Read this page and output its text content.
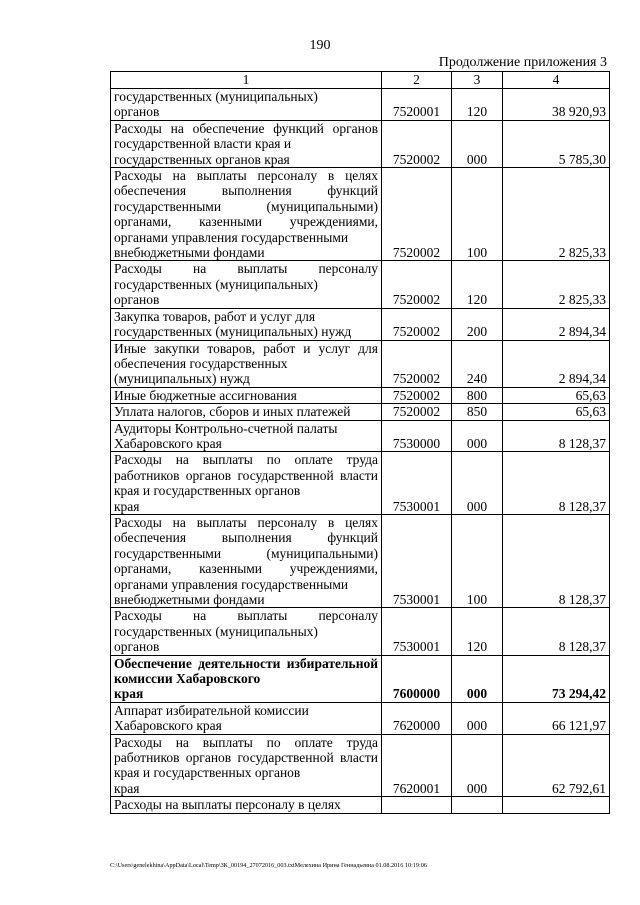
190
Продолжение приложения 3
1	2	3	4
государственных (муниципальных)
органов	7520001	120	38 920,93
Расходы на обеспечение функций органов государственной власти края и
государственных органов края	7520002	000	5 785,30
Расходы на выплаты персоналу в целях обеспечения выполнения функций государственными (муниципальными) органами, казенными учреждениями, органами управления государственными
внебюджетными фондами	7520002	100	2 825,33
Расходы на выплаты персоналу государственных (муниципальных)
органов	7520002	120	2 825,33
Закупка товаров, работ и услуг для
государственных (муниципальных) нужд	7520002	200	2 894,34
Иные закупки товаров, работ и услуг для обеспечения государственных
(муниципальных) нужд	7520002	240	2 894,34
Иные бюджетные ассигнования	7520002	800	65,63
Уплата налогов, сборов и иных платежей	7520002	850	65,63
Аудиторы Контрольно-счетной палаты
Хабаровского края	7530000	000	8 128,37
Расходы на выплаты по оплате труда работников органов государственной власти края и государственных органов
края	7530001	000	8 128,37
Расходы на выплаты персоналу в целях обеспечения выполнения функций государственными (муниципальными) органами, казенными учреждениями, органами управления государственными
внебюджетными фондами	7530001	100	8 128,37
Расходы на выплаты персоналу государственных (муниципальных)
органов	7530001	120	8 128,37
Обеспечение деятельности избирательной комиссии Хабаровского
края	7600000	000	73 294,42
Аппарат избирательной комиссии
Хабаровского края	7620000	000	66 121,97
Расходы на выплаты по оплате труда работников органов государственной власти края и государственных органов
края	7620001	000	62 792,61
Расходы на выплаты персоналу в целях			
C:\Users\genelekhina\AppData\Local\Temp\ЗК_00194_27072016_003.txtМелехина Ирина Геннадьевна 01.08.2016 10:19:06
